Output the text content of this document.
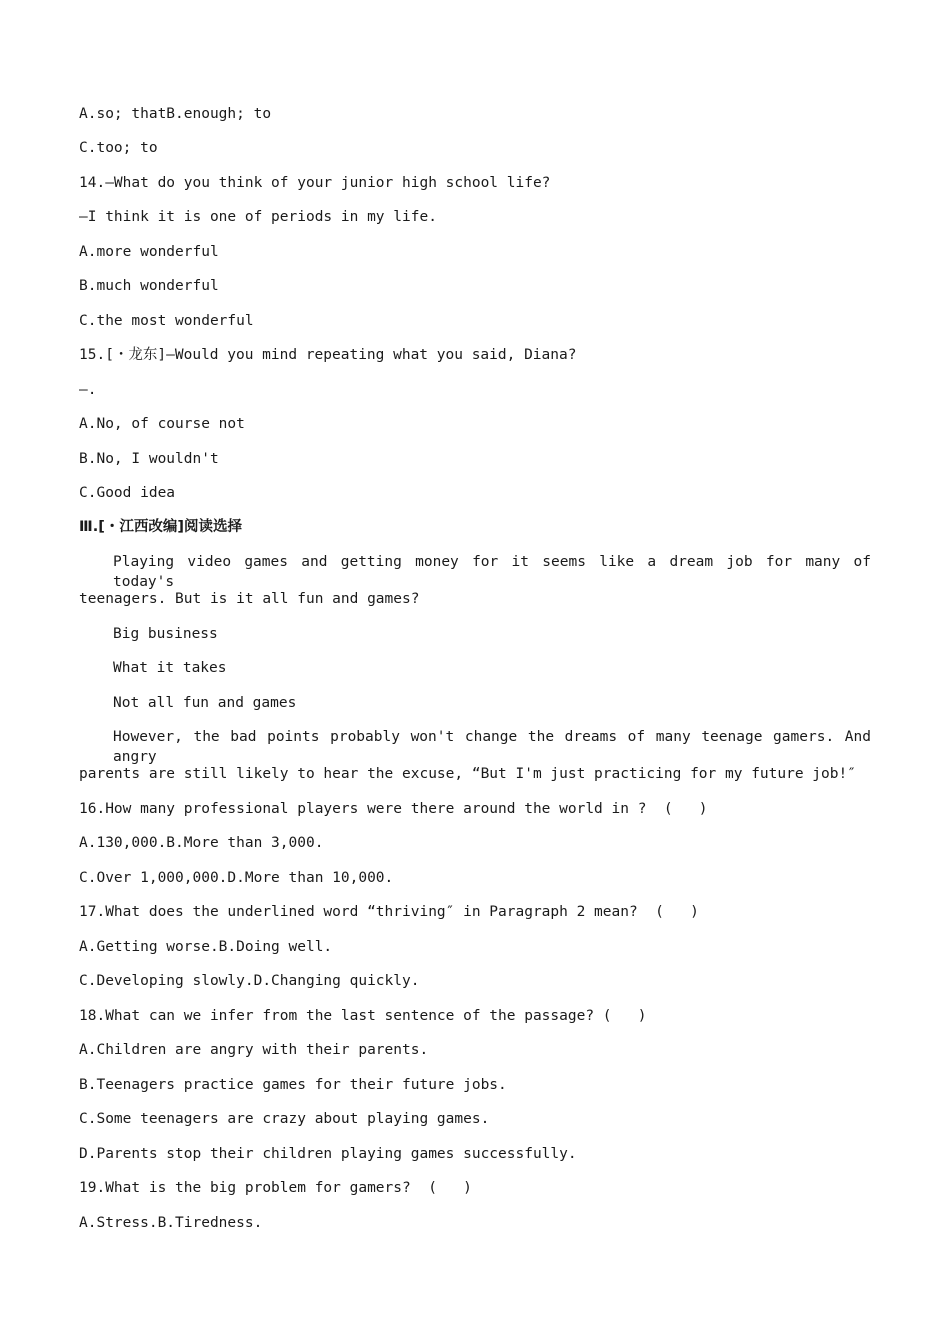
A.so; thatB.enough; to

C.too; to

14.—What do you think of your junior high school life?

—I think it is one of periods in my life.

A.more wonderful

B.much wonderful

C.the most wonderful

15.[・龙东]—Would you mind repeating what you said, Diana?

—.

A.No, of course not

B.No, I wouldn't

C.Good idea

Ⅲ.[・江西改编]阅读选择

Playing video games and getting money for it seems like a dream job for many of today's

teenagers. But is it all fun and games?

Big business

What it takes

Not all fun and games

However, the bad points probably won't change the dreams of many teenage gamers. And angry

parents are still likely to hear the excuse, “But I'm just practicing for my future job!″

16.How many professional players were there around the world in ?  (   )

A.130,000.B.More than 3,000.

C.Over 1,000,000.D.More than 10,000.

17.What does the underlined word “thriving″ in Paragraph 2 mean?  (   )

A.Getting worse.B.Doing well.

C.Developing slowly.D.Changing quickly.

18.What can we infer from the last sentence of the passage? (   )

A.Children are angry with their parents.

B.Teenagers practice games for their future jobs.

C.Some teenagers are crazy about playing games.

D.Parents stop their children playing games successfully.

19.What is the big problem for gamers?  (   )

A.Stress.B.Tiredness.
